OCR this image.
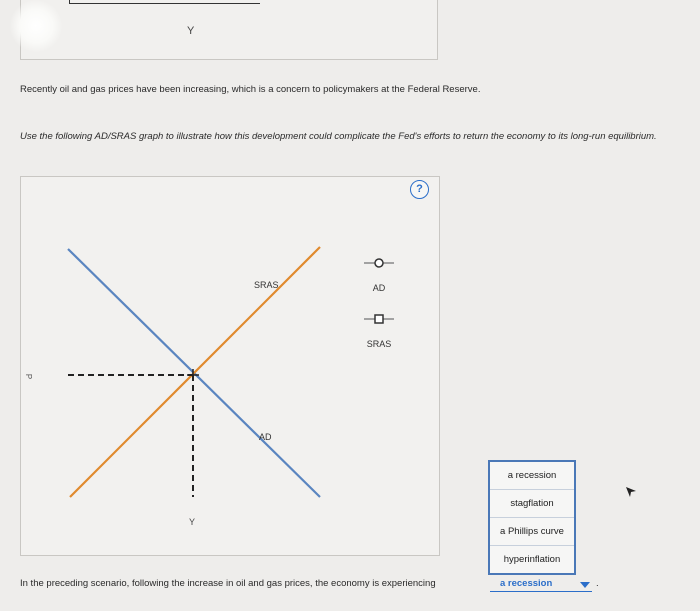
Y
Recently oil and gas prices have been increasing, which is a concern to policymakers at the Federal Reserve.
Use the following AD/SRAS graph to illustrate how this development could complicate the Fed's efforts to return the economy to its long-run equilibrium.
SRAS
AD
P
Y
?
AD
SRAS
a recession
stagflation
a Phillips curve
hyperinflation
In the preceding scenario, following the increase in oil and gas prices, the economy is experiencing	a recession	.
